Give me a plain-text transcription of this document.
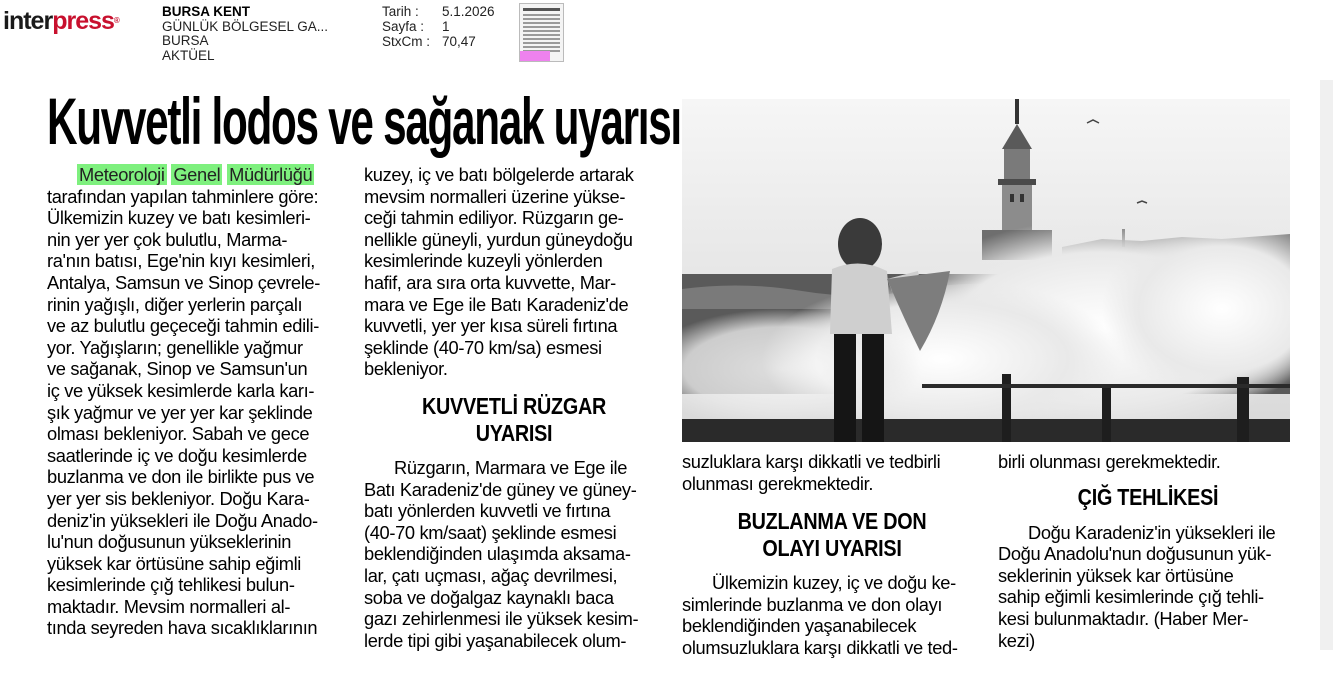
interpress®
BURSA KENT
GÜNLÜK BÖLGESEL GA...
BURSA
AKTÜEL
Tarih :	5.1.2026
Sayfa :	1
StxCm : 70,47
Kuvvetli lodos ve sağanak uyarısı

Meteoroloji Genel Müdürlüğü

tarafından yapılan tahminlere göre:
Ülkemizin kuzey ve batı kesimleri-
nin yer yer çok bulutlu, Marma-
ra'nın batısı, Ege'nin kıyı kesimleri,
Antalya, Samsun ve Sinop çevrele-
rinin yağışlı, diğer yerlerin parçalı
ve az bulutlu geçeceği tahmin edili-
yor. Yağışların; genellikle yağmur
ve sağanak, Sinop ve Samsun'un
iç ve yüksek kesimlerde karla karı-
şık yağmur ve yer yer kar şeklinde
olması bekleniyor. Sabah ve gece
saatlerinde iç ve doğu kesimlerde
buzlanma ve don ile birlikte pus ve
yer yer sis bekleniyor. Doğu Kara-
deniz'in yüksekleri ile Doğu Anado-
lu'nun doğusunun yükseklerinin
yüksek kar örtüsüne sahip eğimli
kesimlerinde çığ tehlikesi bulun-
maktadır. Mevsim normalleri al-
tında seyreden hava sıcaklıklarının
kuzey, iç ve batı bölgelerde artarak
mevsim normalleri üzerine yükse-
ceği tahmin ediliyor. Rüzgarın ge-
nellikle güneyli, yurdun güneydoğu
kesimlerinde kuzeyli yönlerden
hafif, ara sıra orta kuvvette, Mar-
mara ve Ege ile Batı Karadeniz'de
kuvvetli, yer yer kısa süreli fırtına
şeklinde (40-70 km/sa) esmesi
bekleniyor.
KUVVETLİ RÜZGAR
UYARISI
Rüzgarın, Marmara ve Ege ile
Batı Karadeniz'de güney ve güney-
batı yönlerden kuvvetli ve fırtına
(40-70 km/saat) şeklinde esmesi
beklendiğinden ulaşımda aksama-
lar, çatı uçması, ağaç devrilmesi,
soba ve doğalgaz kaynaklı baca
gazı zehirlenmesi ile yüksek kesim-
lerde tipi gibi yaşanabilecek olum-
suzluklara karşı dikkatli ve tedbirli
olunması gerekmektedir.
BUZLANMA VE DON
OLAYI UYARISI
Ülkemizin kuzey, iç ve doğu ke-
simlerinde buzlanma ve don olayı
beklendiğinden yaşanabilecek
olumsuzluklara karşı dikkatli ve ted-
birli olunması gerekmektedir.
ÇIĞ TEHLİKESİ
Doğu Karadeniz'in yüksekleri ile
Doğu Anadolu'nun doğusunun yük-
seklerinin yüksek kar örtüsüne
sahip eğimli kesimlerinde çığ tehli-
kesi bulunmaktadır. (Haber Mer-
kezi)
